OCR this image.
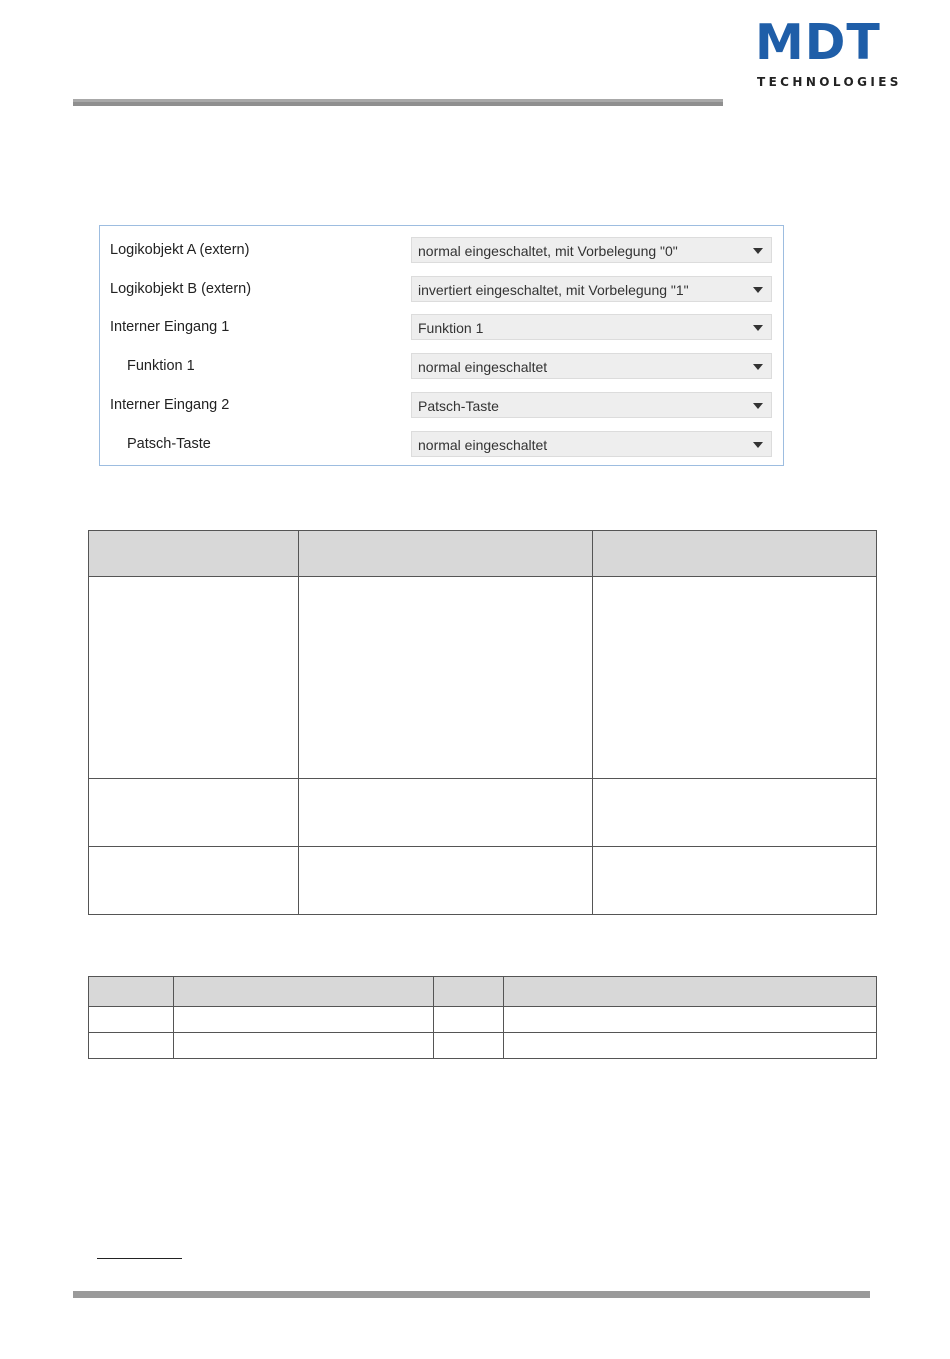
MDT
TECHNOLOGIES
Logikobjekt A (extern)	normal eingeschaltet, mit Vorbelegung "0"
Logikobjekt B (extern)	invertiert eingeschaltet, mit Vorbelegung "1"
Interner Eingang 1	Funktion 1
Funktion 1	normal eingeschaltet
Interner Eingang 2	Patsch-Taste
Patsch-Taste	normal eingeschaltet
